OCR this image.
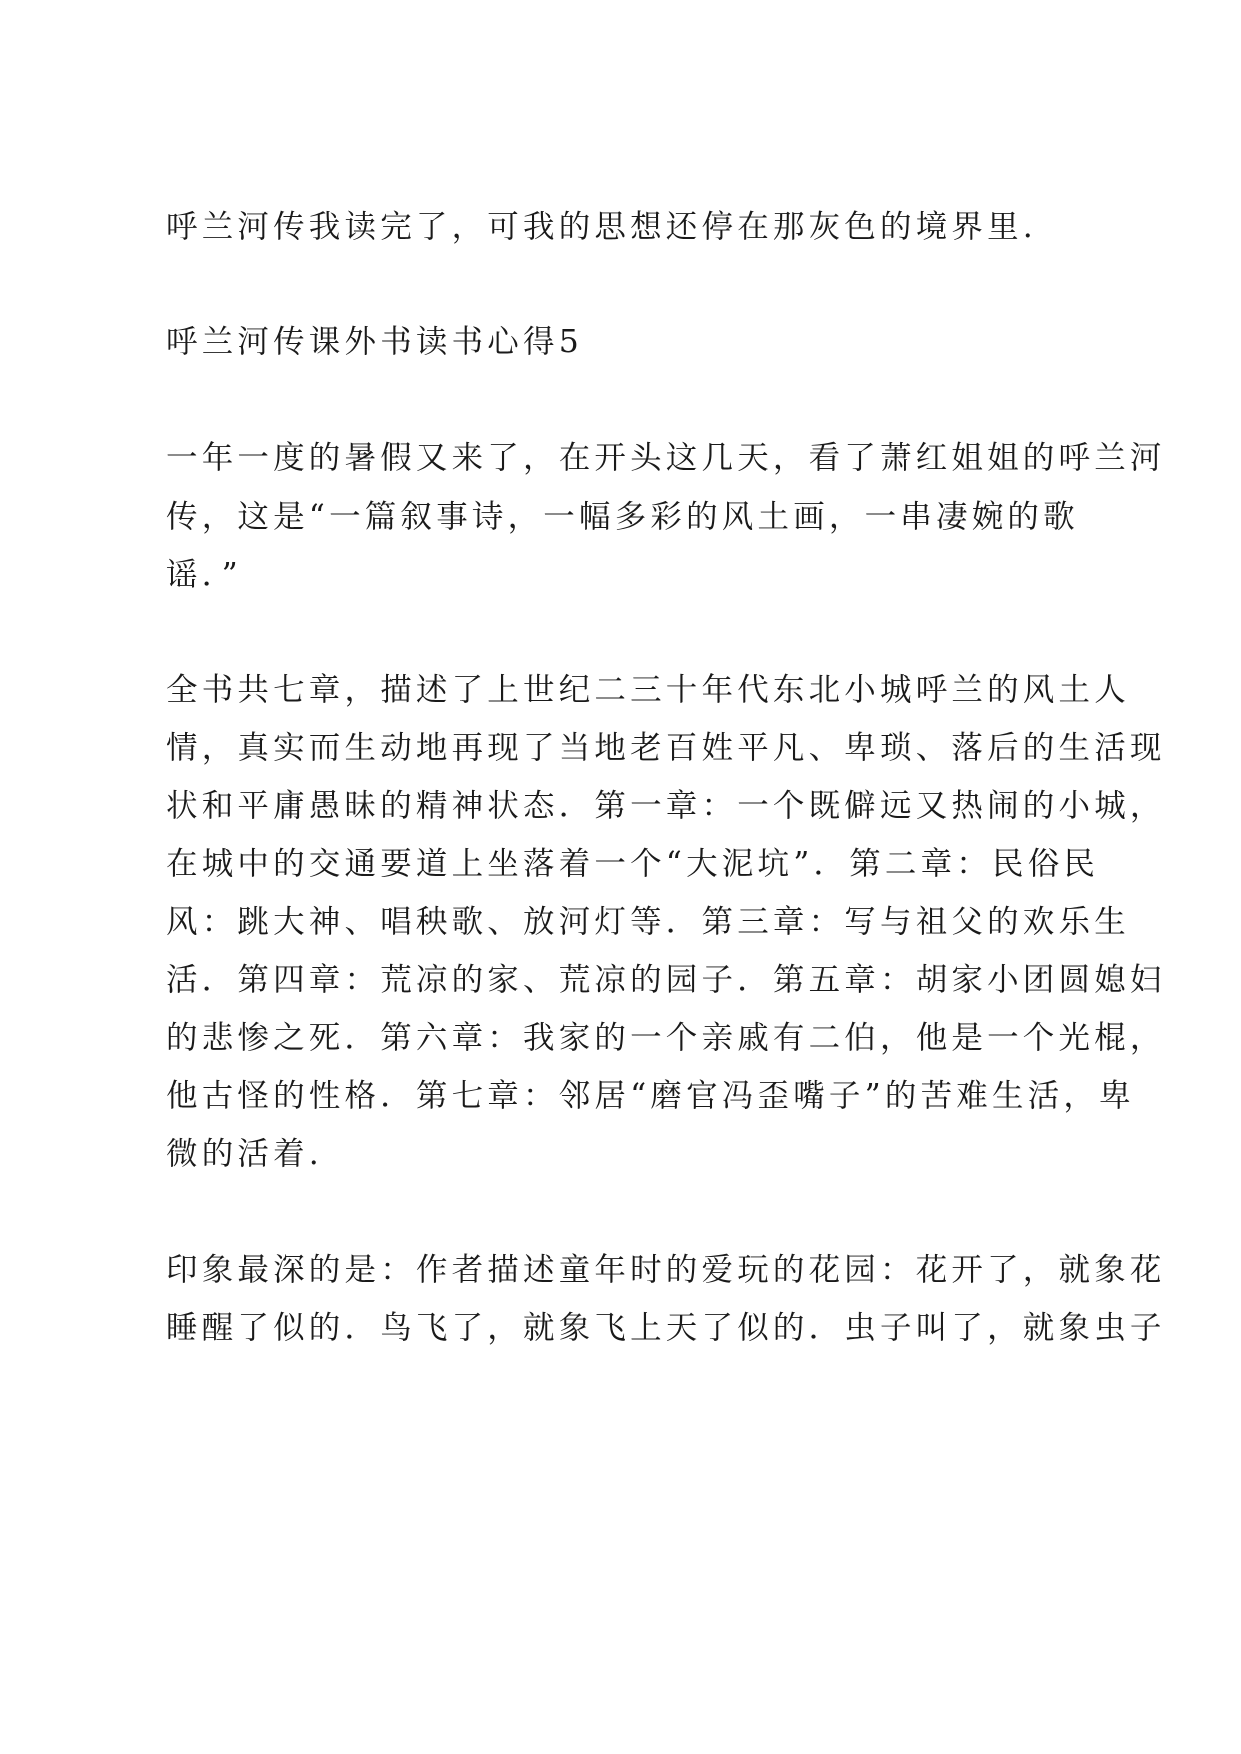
呼兰河传我读完了，可我的思想还停在那灰色的境界里.

呼兰河传课外书读书心得5

一年一度的暑假又来了，在开头这几天，看了萧红姐姐的呼兰河

传，这是“一篇叙事诗，一幅多彩的风土画，一串凄婉的歌

谣．”

全书共七章，描述了上世纪二三十年代东北小城呼兰的风土人

情，真实而生动地再现了当地老百姓平凡、卑琐、落后的生活现

状和平庸愚昧的精神状态．第一章：一个既僻远又热闹的小城，

在城中的交通要道上坐落着一个“大泥坑”．第二章：民俗民

风：跳大神、唱秧歌、放河灯等．第三章：写与祖父的欢乐生

活．第四章：荒凉的家、荒凉的园子．第五章：胡家小团圆媳妇

的悲惨之死．第六章：我家的一个亲戚有二伯，他是一个光棍，

他古怪的性格．第七章：邻居“磨官冯歪嘴子”的苦难生活，卑

微的活着.

印象最深的是：作者描述童年时的爱玩的花园：花开了，就象花

睡醒了似的．鸟飞了，就象飞上天了似的．虫子叫了，就象虫子
